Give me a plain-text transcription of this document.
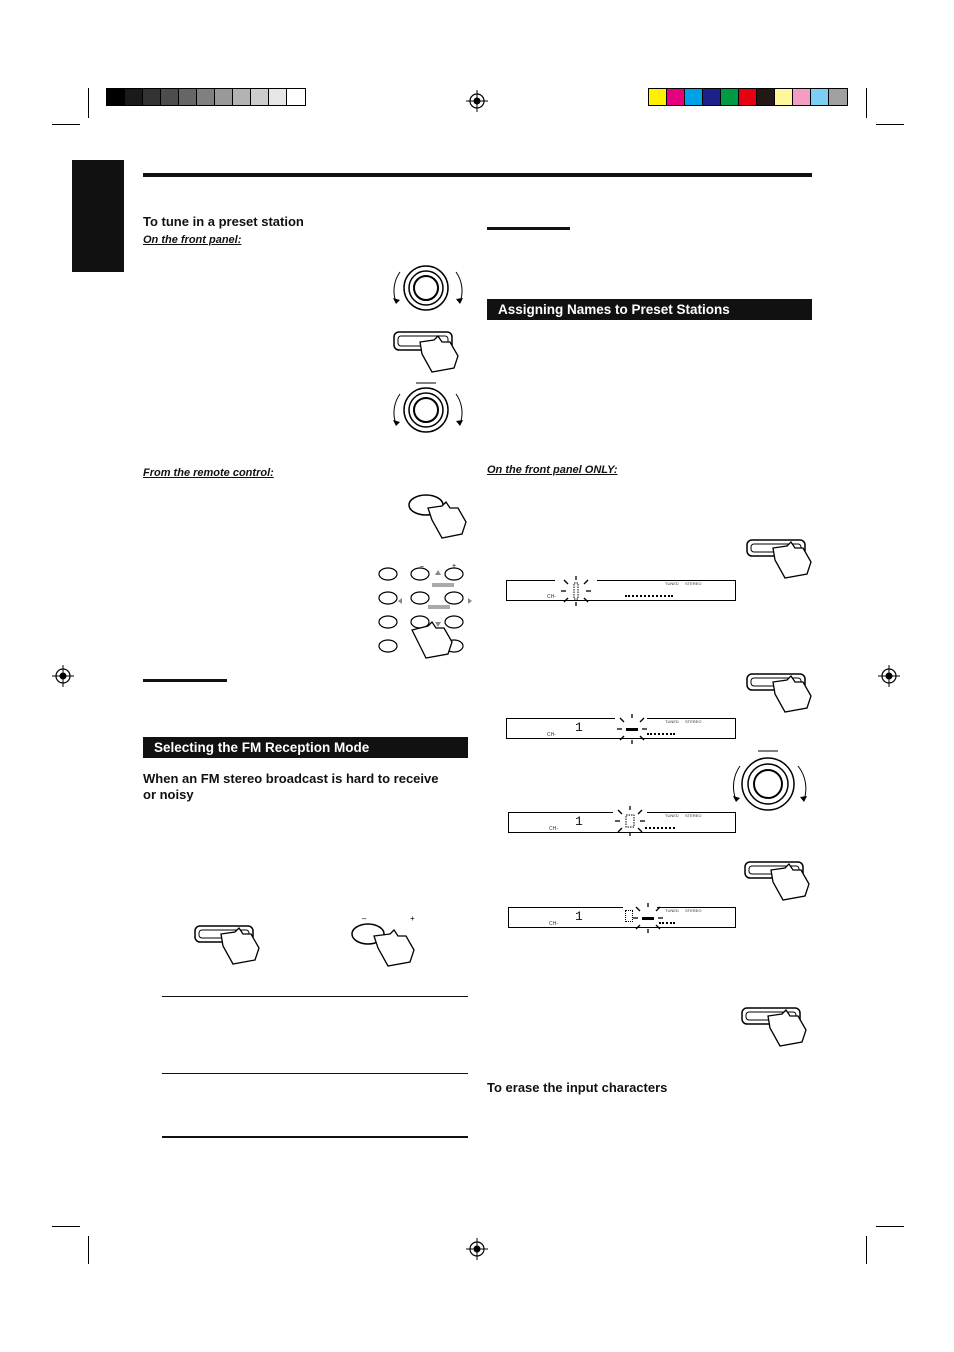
To tune in a preset station
On the front panel:
From the remote control:
–	+
Selecting the FM Reception Mode
When an FM stereo broadcast is hard to receive or noisy
–	+
Assigning Names to Preset Stations
On the front panel ONLY:
TUNED STEREO
CH-
TUNED STEREO
CH- 1
TUNED STEREO
CH- 1
TUNED STEREO
CH- 1
To erase the input characters
